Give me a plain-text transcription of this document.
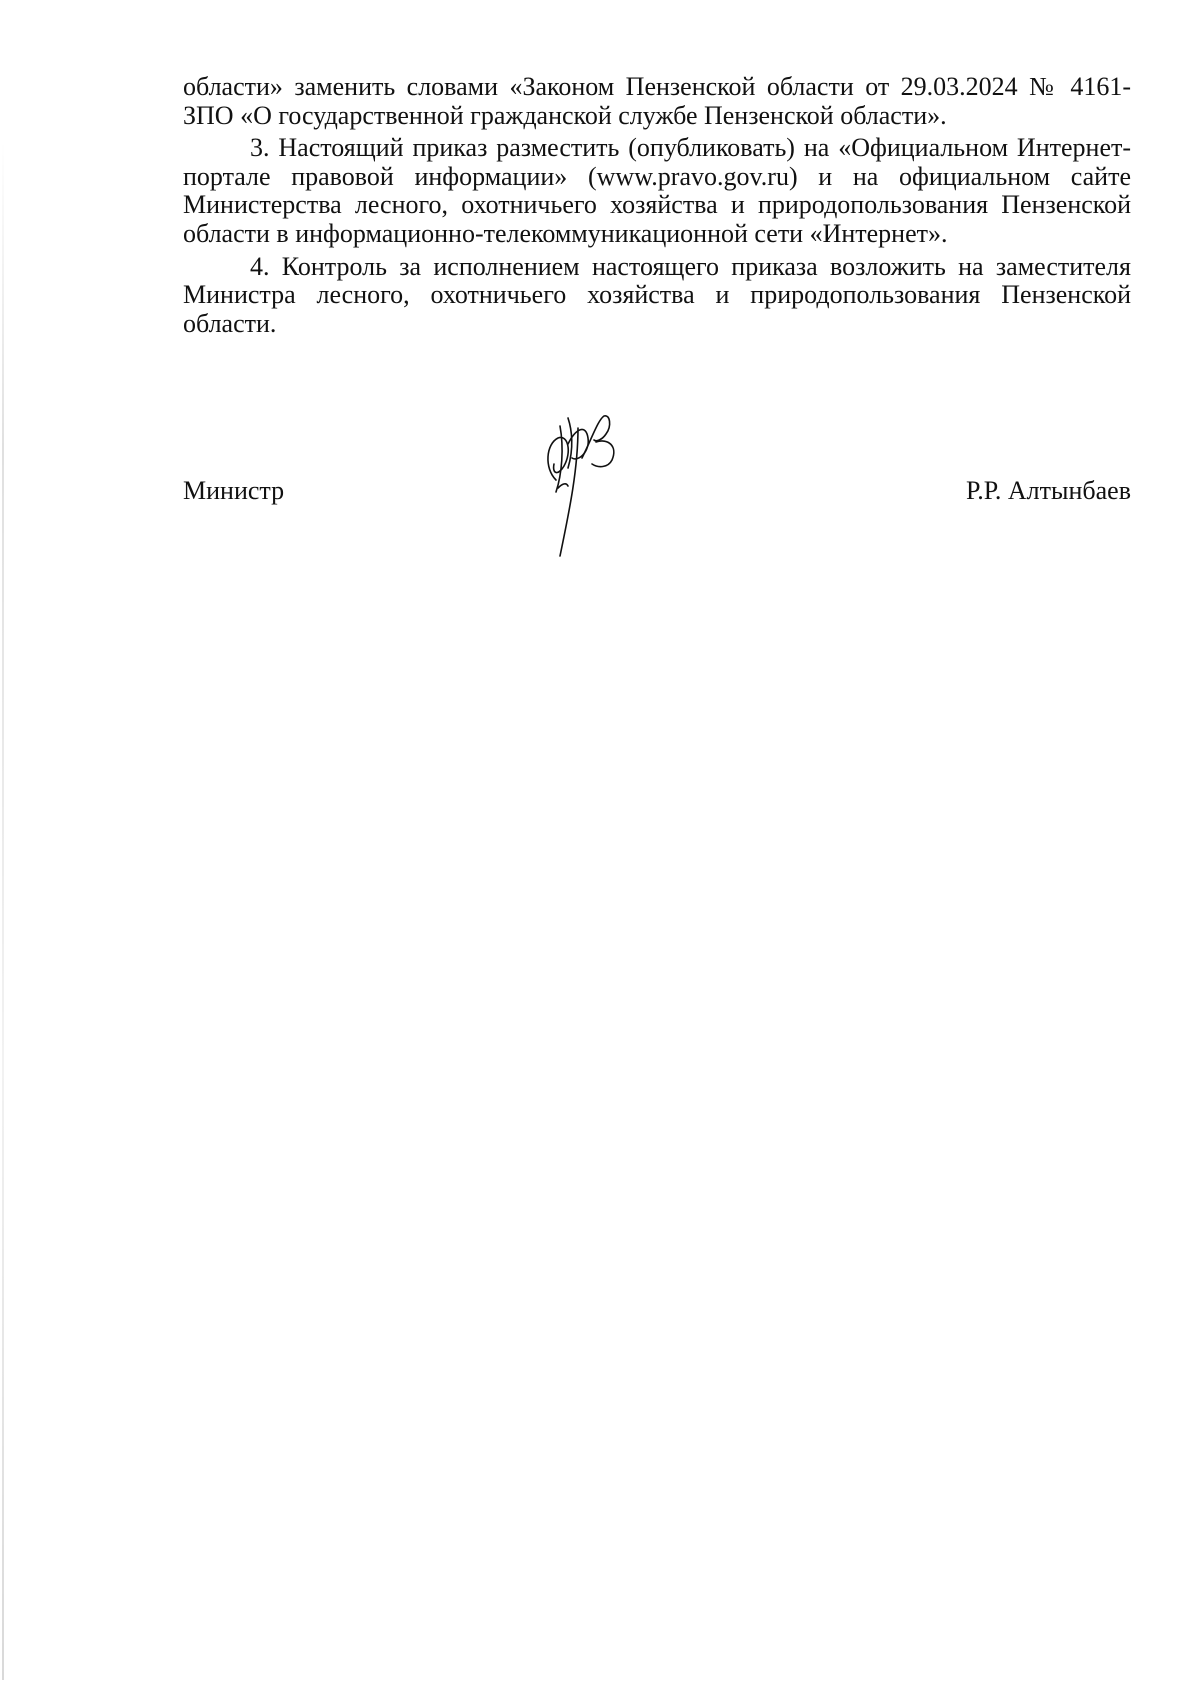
области» заменить словами «Законом Пензенской области от 29.03.2024 № 4161-ЗПО «О государственной гражданской службе Пензенской области».

3. Настоящий приказ разместить (опубликовать) на «Официальном Интернет-портале правовой информации» (www.pravo.gov.ru) и на официальном сайте Министерства лесного, охотничьего хозяйства и природопользования Пензенской области в информационно-телекоммуникационной сети «Интернет».

4. Контроль за исполнением настоящего приказа возложить на заместителя Министра лесного, охотничьего хозяйства и природопользования Пензенской области.

Министр	Р.Р. Алтынбаев
